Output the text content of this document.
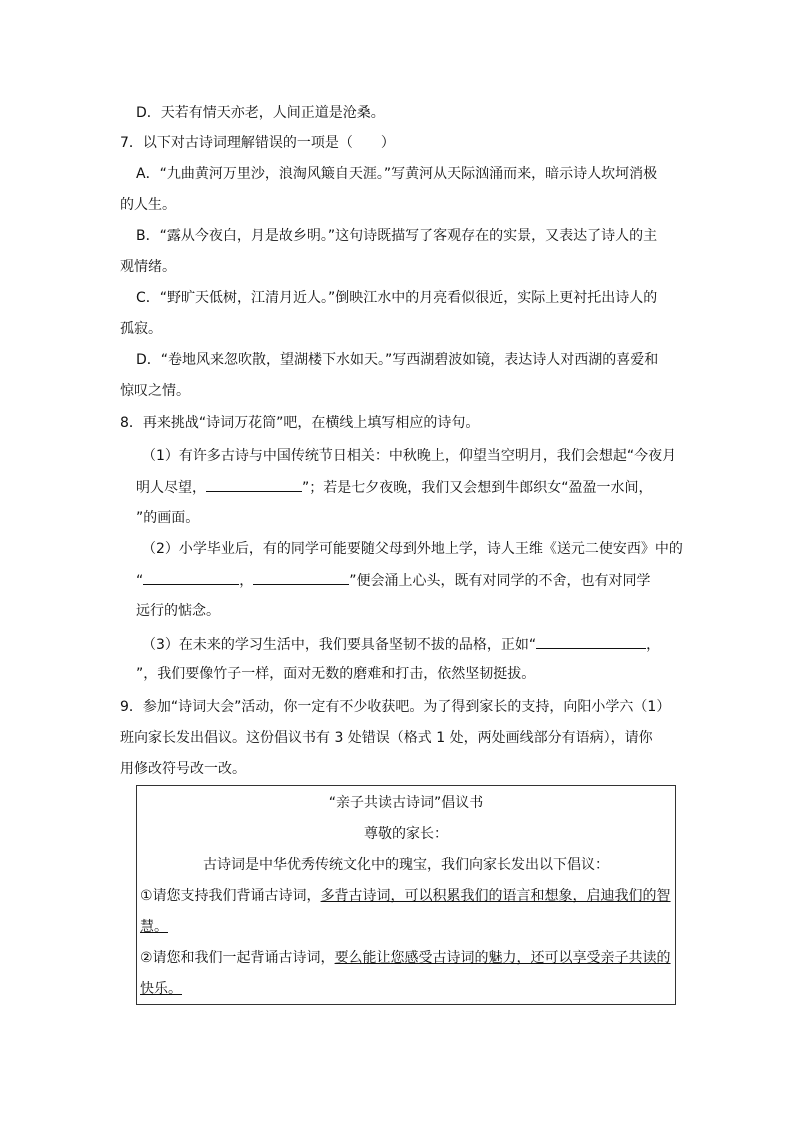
D．天若有情天亦老，人间正道是沧桑。
7．以下对古诗词理解错误的一项是（　　）
A．“九曲黄河万里沙，浪淘风簸自天涯。”写黄河从天际汹涌而来，暗示诗人坎坷消极
的人生。
B．“露从今夜白，月是故乡明。”这句诗既描写了客观存在的实景，又表达了诗人的主
观情绪。
C．“野旷天低树，江清月近人。”倒映江水中的月亮看似很近，实际上更衬托出诗人的
孤寂。
D．“卷地风来忽吹散，望湖楼下水如天。”写西湖碧波如镜，表达诗人对西湖的喜爱和
惊叹之情。
8．再来挑战“诗词万花筒”吧，在横线上填写相应的诗句。
（1）有许多古诗与中国传统节日相关：中秋晚上，仰望当空明月，我们会想起“今夜月
明人尽望，	”；若是七夕夜晚，我们又会想到牛郎织女“盈盈一水间，
”的画面。
（2）小学毕业后，有的同学可能要随父母到外地上学，诗人王维《送元二使安西》中的
“	，	”便会涌上心头，既有对同学的不舍，也有对同学
远行的惦念。
（3）在未来的学习生活中，我们要具备坚韧不拔的品格，正如“	，
”，我们要像竹子一样，面对无数的磨难和打击，依然坚韧挺拔。
9．参加“诗词大会”活动，你一定有不少收获吧。为了得到家长的支持，向阳小学六（1）
班向家长发出倡议。这份倡议书有 3 处错误（格式 1 处，两处画线部分有语病），请你
用修改符号改一改。
“亲子共读古诗词”倡议书
尊敬的家长：
古诗词是中华优秀传统文化中的瑰宝，我们向家长发出以下倡议：
①请您支持我们背诵古诗词，多背古诗词，可以积累我们的语言和想象，启迪我们的智
慧。
②请您和我们一起背诵古诗词，要么能让您感受古诗词的魅力，还可以享受亲子共读的
快乐。
